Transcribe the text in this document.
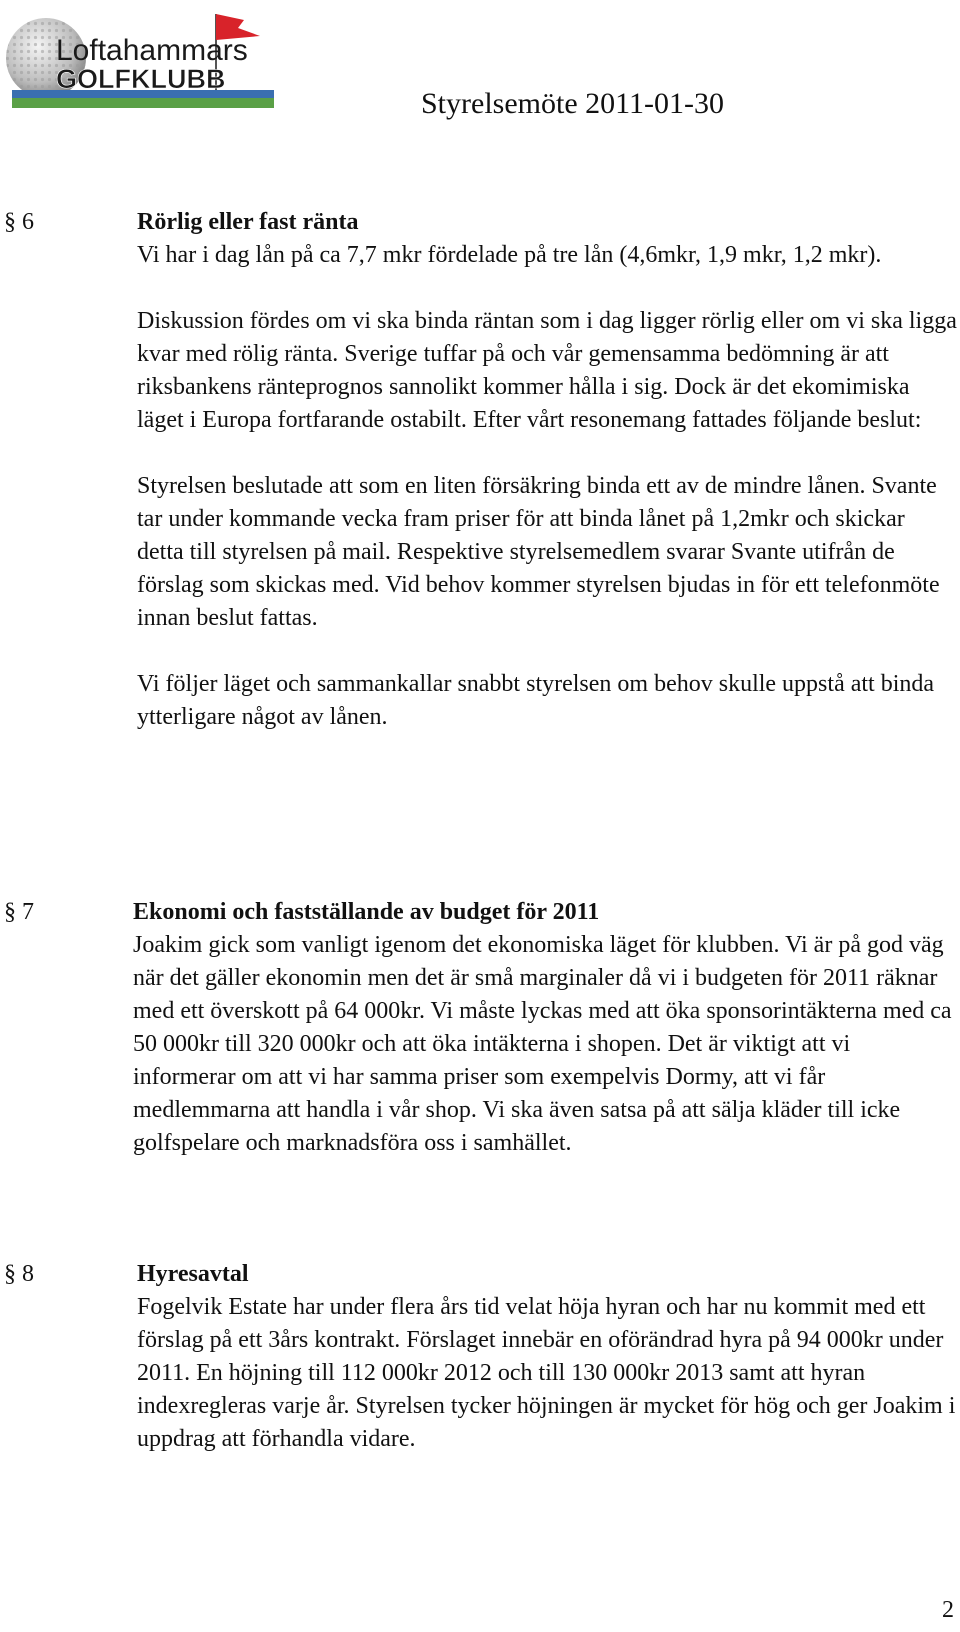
Loftahammars
GOLFKLUBB
Styrelsemöte 2011-01-30
§ 6	Rörlig eller fast ränta

Vi har i dag lån på ca 7,7 mkr fördelade på tre lån (4,6mkr, 1,9 mkr, 1,2 mkr).

Diskussion fördes om vi ska binda räntan som i dag ligger rörlig eller om vi ska ligga kvar med rölig ränta. Sverige tuffar på och vår gemensamma bedömning är att riksbankens ränteprognos sannolikt kommer hålla i sig. Dock är det ekomimiska läget i Europa fortfarande ostabilt. Efter vårt resonemang fattades följande beslut:

Styrelsen beslutade att som en liten försäkring binda ett av de mindre lånen. Svante tar under kommande vecka fram priser för att binda lånet på 1,2mkr och skickar detta till styrelsen på mail. Respektive styrelsemedlem svarar Svante utifrån de förslag som skickas med. Vid behov kommer styrelsen bjudas in för ett telefonmöte innan beslut fattas.

Vi följer läget och sammankallar snabbt styrelsen om behov skulle uppstå att binda ytterligare något av lånen.

§ 7	Ekonomi och fastställande av budget för 2011

Joakim gick som vanligt igenom det ekonomiska läget för klubben. Vi är på god väg när det gäller ekonomin men det är små marginaler då vi i budgeten för 2011 räknar med ett överskott på 64 000kr. Vi måste lyckas med att öka sponsorintäkterna med ca 50 000kr till 320 000kr och att öka intäkterna i shopen. Det är viktigt att vi informerar om att vi har samma priser som exempelvis Dormy, att vi får medlemmarna att handla i vår shop. Vi ska även satsa på att sälja kläder till icke golfspelare och marknadsföra oss i samhället.

§ 8	Hyresavtal

Fogelvik Estate har under flera års tid velat höja hyran och har nu kommit med ett förslag på ett 3års kontrakt. Förslaget innebär en oförändrad hyra på 94 000kr under 2011. En höjning till 112 000kr 2012 och till 130 000kr 2013 samt att hyran indexregleras varje år. Styrelsen tycker höjningen är mycket för hög och ger Joakim i uppdrag att förhandla vidare.

2
